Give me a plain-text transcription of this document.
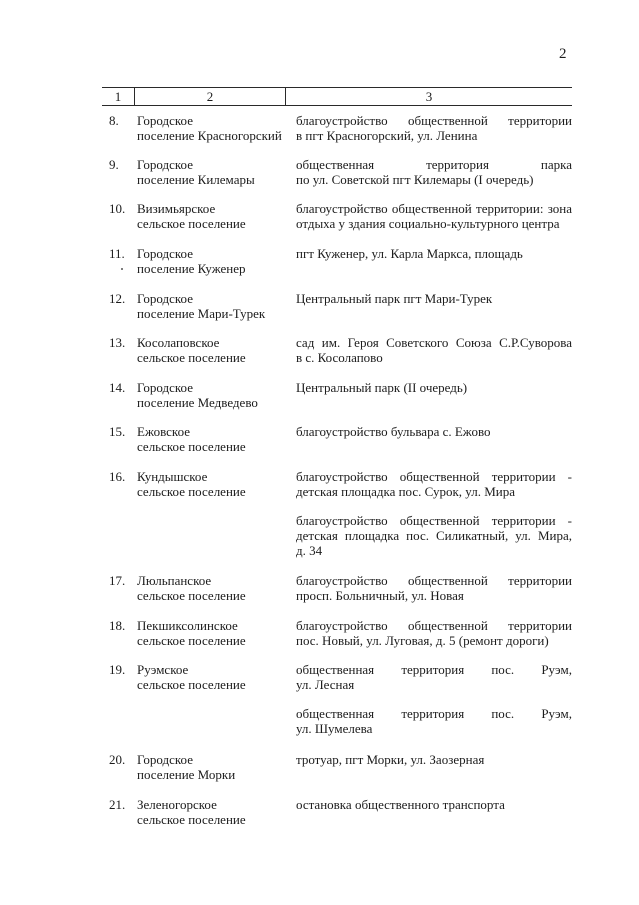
2
1	2	3
8. Городское
поселение Красногорский
благоустройство общественной территории
в пгт Красногорский, ул. Ленина
9. Городское
поселение Килемары
общественная территория парка
по ул. Советской пгт Килемары (I очередь)
10. Визимьярское
сельское поселение
благоустройство общественной территории: зона
отдыха у здания социально-культурного центра
11. Городское
поселение Куженер
пгт Куженер, ул. Карла Маркса, площадь
12. Городское
поселение Мари-Турек
Центральный парк пгт Мари-Турек
13. Косолаповское
сельское поселение
сад им. Героя Советского Союза С.Р.Суворова
в с. Косолапово
14. Городское
поселение Медведево
Центральный парк (II очередь)
15. Ежовское
сельское поселение
благоустройство бульвара с. Ежово
16. Кундышское
сельское поселение
благоустройство общественной территории -
детская площадка пос. Сурок, ул. Мира
благоустройство общественной территории -
детская площадка пос. Силикатный, ул. Мира,
д. 34
17. Люльпанское
сельское поселение
благоустройство общественной территории
просп. Больничный, ул. Новая
18. Пекшиксолинское
сельское поселение
благоустройство общественной территории
пос. Новый, ул. Луговая, д. 5 (ремонт дороги)
19. Руэмское
сельское поселение
общественная территория пос. Руэм,
ул. Лесная
общественная территория пос. Руэм,
ул. Шумелева
20. Городское
поселение Морки
тротуар, пгт Морки, ул. Заозерная
21. Зеленогорское
сельское поселение
остановка общественного транспорта
